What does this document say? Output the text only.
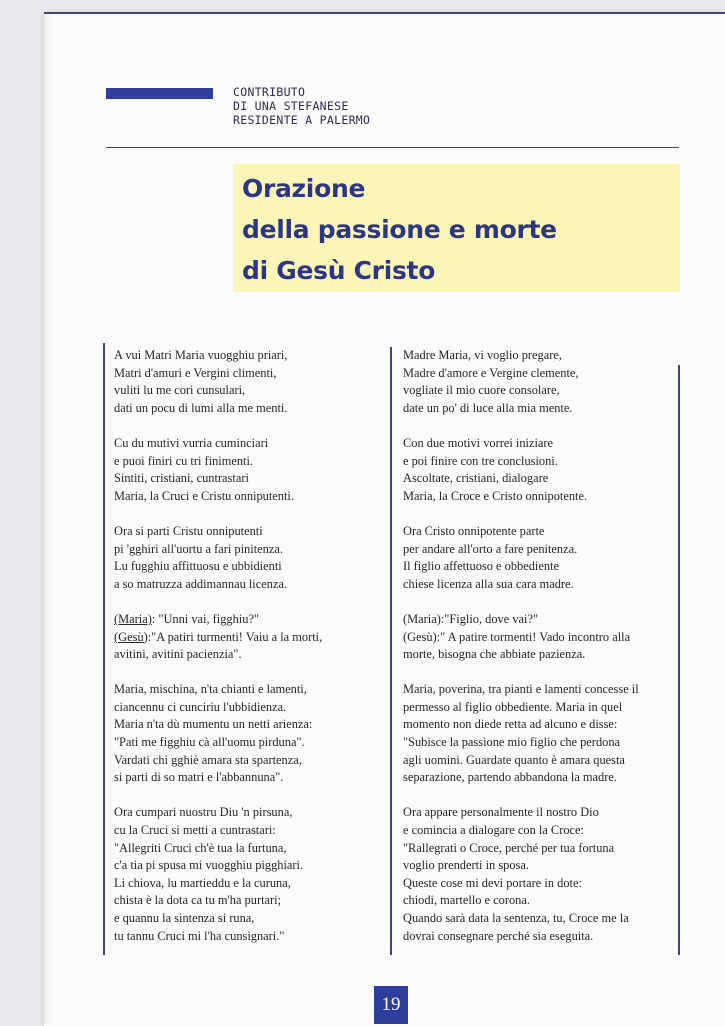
CONTRIBUTO
DI UNA STEFANESE
RESIDENTE A PALERMO
Orazione
della passione e morte
di Gesù Cristo
A vui Matri Maria vuogghiu priari,
Matri d'amuri e Vergini climenti,
vuliti lu me cori cunsulari,
dati un pocu di lumi alla me menti.
Cu du mutivi vurria cuminciari
e puoi finiri cu tri finimenti.
Sintiti, cristiani, cuntrastari
Maria, la Cruci e Cristu onniputenti.
Ora si parti Cristu onniputenti
pi 'gghiri all'uortu a fari pinitenza.
Lu fugghiu affittuosu e ubbidienti
a so matruzza addimannau licenza.
(Maria): "Unni vai, figghiu?"
(Gesù):"A patiri turmenti! Vaiu a la morti,
avitini, avitini pacienzia".
Maria, mischina, n'ta chianti e lamenti,
ciancennu ci cunciriu l'ubbidienza.
Maria n'ta dù mumentu un netti arienza:
"Pati me figghiu cà all'uomu pirduna".
Vardati chi gghiè amara sta spartenza,
si parti di so matri e l'abbannuna".
Ora cumpari nuostru Diu 'n pirsuna,
cu la Cruci si metti a cuntrastari:
"Allegriti Cruci ch'è tua la furtuna,
c'a tia pi spusa mi vuogghiu pigghiari.
Li chiova, lu martieddu e la curuna,
chista è la dota ca tu m'ha purtari;
e quannu la sintenza si runa,
tu tannu Cruci mi l'ha cunsignari."
Madre Maria, vi voglio pregare,
Madre d'amore e Vergine clemente,
vogliate il mio cuore consolare,
date un po' di luce alla mia mente.
Con due motivi vorrei iniziare
e poi finire con tre conclusioni.
Ascoltate, cristiani, dialogare
Maria, la Croce e Cristo onnipotente.
Ora Cristo onnipotente parte
per andare all'orto a fare penitenza.
Il figlio affettuoso e obbediente
chiese licenza alla sua cara madre.
(Maria):"Figlio, dove vai?"
(Gesù):" A patire tormenti! Vado incontro alla
morte, bisogna che abbiate pazienza.
Maria, poverina, tra pianti e lamenti concesse il
permesso al figlio obbediente. Maria in quel
momento non diede retta ad alcuno e disse:
"Subisce la passione mio figlio che perdona
agli uomini. Guardate quanto è amara questa
separazione, partendo abbandona la madre.
Ora appare personalmente il nostro Dio
e comincia a dialogare con la Croce:
"Rallegrati o Croce, perché per tua fortuna
voglio prenderti in sposa.
Queste cose mi devi portare in dote:
chiodi, martello e corona.
Quando sarà data la sentenza, tu, Croce me la
dovrai consegnare perché sia eseguita.
19
